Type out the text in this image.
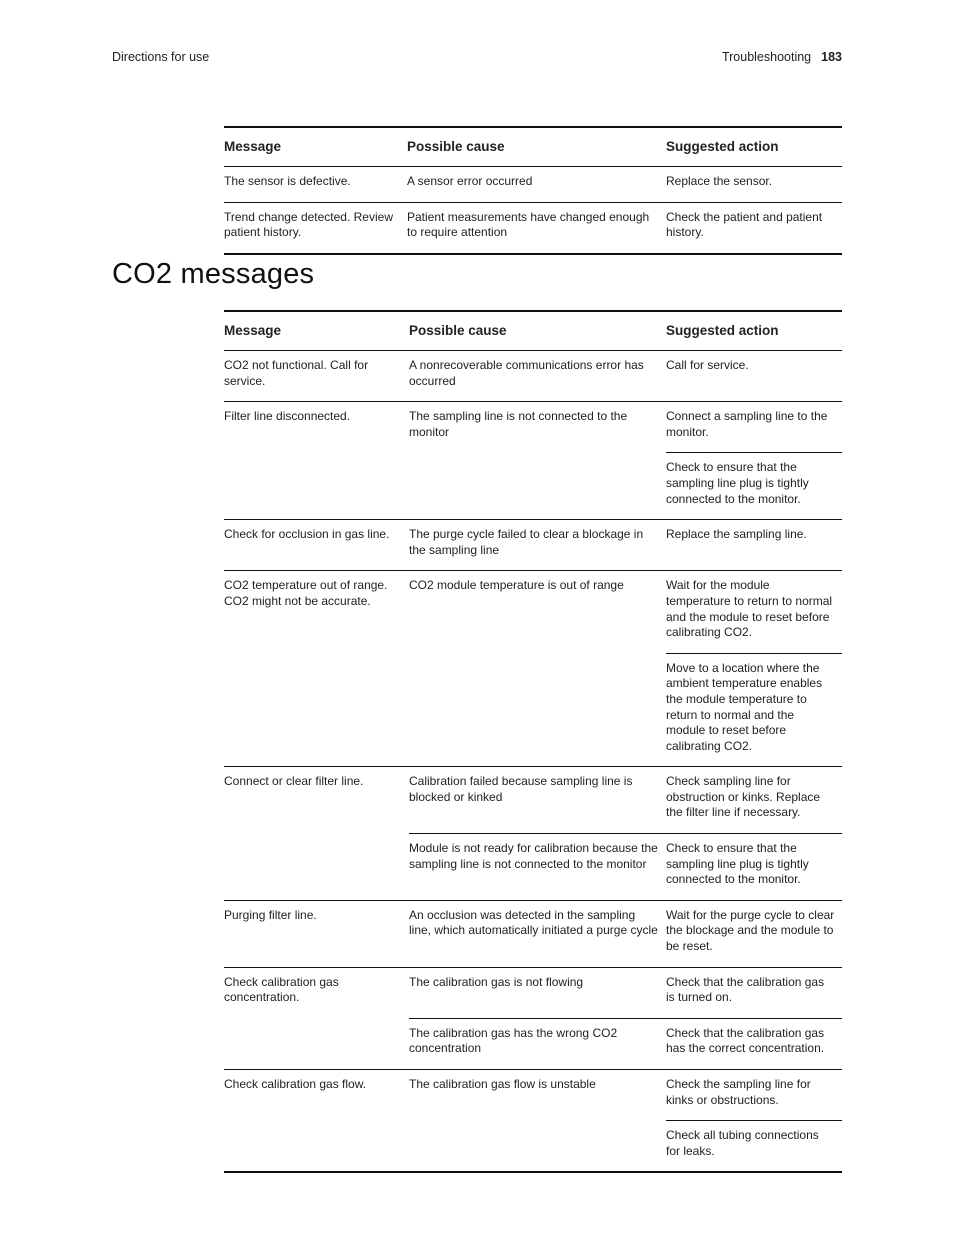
Directions for use	Troubleshooting 183
Message	Possible cause	Suggested action
The sensor is defective.	A sensor error occurred	Replace the sensor.
Trend change detected. Review patient history.	Patient measurements have changed enough to require attention	Check the patient and patient history.

CO2 messages
Message	Possible cause	Suggested action
CO2 not functional. Call for service.	A nonrecoverable communications error has occurred	Call for service.
Filter line disconnected.	The sampling line is not connected to the monitor	Connect a sampling line to the monitor.
		Check to ensure that the sampling line plug is tightly connected to the monitor.
Check for occlusion in gas line.	The purge cycle failed to clear a blockage in the sampling line	Replace the sampling line.
CO2 temperature out of range. CO2 might not be accurate.	CO2 module temperature is out of range	Wait for the module temperature to return to normal and the module to reset before calibrating CO2.
		Move to a location where the ambient temperature enables the module temperature to return to normal and the module to reset before calibrating CO2.
Connect or clear filter line.	Calibration failed because sampling line is blocked or kinked	Check sampling line for obstruction or kinks. Replace the filter line if necessary.
	Module is not ready for calibration because the sampling line is not connected to the monitor	Check to ensure that the sampling line plug is tightly connected to the monitor.
Purging filter line.	An occlusion was detected in the sampling line, which automatically initiated a purge cycle	Wait for the purge cycle to clear the blockage and the module to be reset.
Check calibration gas concentration.	The calibration gas is not flowing	Check that the calibration gas is turned on.
	The calibration gas has the wrong CO2 concentration	Check that the calibration gas has the correct concentration.
Check calibration gas flow.	The calibration gas flow is unstable	Check the sampling line for kinks or obstructions.
		Check all tubing connections for leaks.
